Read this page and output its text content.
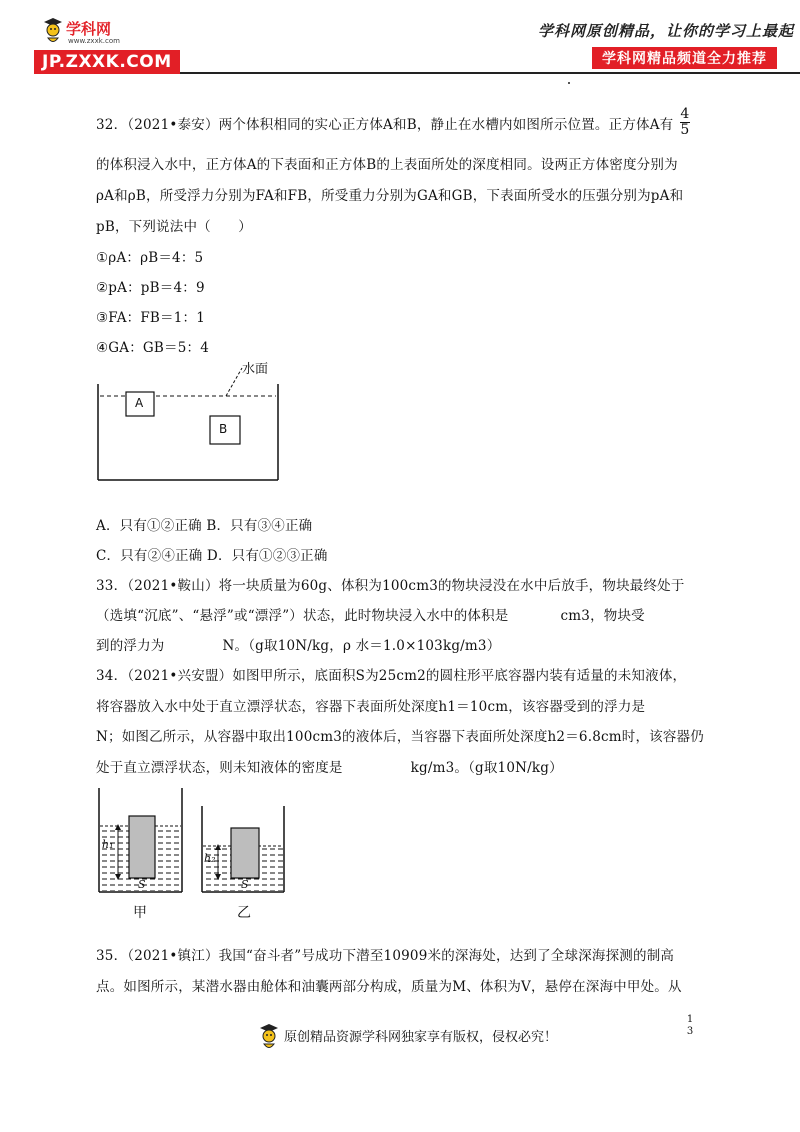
学科网
www.zxxk.com
JP.ZXXK.COM
学科网原创精品，让你的学习上最起
学科网精品频道全力推荐
32．（2021•泰安）两个体积相同的实心正方体A和B，静止在水槽内如图所示位置。正方体A有 $\frac{4}{5}$
的体积浸入水中，正方体A的下表面和正方体B的上表面所处的深度相同。设两正方体密度分别为
ρA和ρB，所受浮力分别为FA和FB，所受重力分别为GA和GB，下表面所受水的压强分别为pA和
pB，下列说法中（　　）
①ρA：ρB＝4：5
②pA：pB＝4：9
③FA：FB＝1：1
④GA：GB＝5：4
A
B
水面
A．只有①②正确 B．只有③④正确
C．只有②④正确 D．只有①②③正确
33．（2021•鞍山）将一块质量为60g、体积为100cm3的物块浸没在水中后放手，物块最终处于
（选填“沉底”、“悬浮”或“漂浮”）状态，此时物块浸入水中的体积是	cm3，物块受
到的浮力为	N。（g取10N/kg，ρ 水＝1.0×103kg/m3）
34．（2021•兴安盟）如图甲所示，底面积S为25cm2的圆柱形平底容器内装有适量的未知液体，
将容器放入水中处于直立漂浮状态，容器下表面所处深度h1＝10cm，该容器受到的浮力是
N；如图乙所示，从容器中取出100cm3的液体后，当容器下表面所处深度h2＝6.8cm时，该容器仍
处于直立漂浮状态，则未知液体的密度是	kg/m3。（g取10N/kg）
h₁
h₂
S	S
甲	乙
35．（2021•镇江）我国“奋斗者”号成功下潜至10909米的深海处，达到了全球深海探测的制高
点。如图所示，某潜水器由舱体和油囊两部分构成，质量为M、体积为V，悬停在深海中甲处。从
原创精品资源学科网独家享有版权，侵权必究！
1
3
